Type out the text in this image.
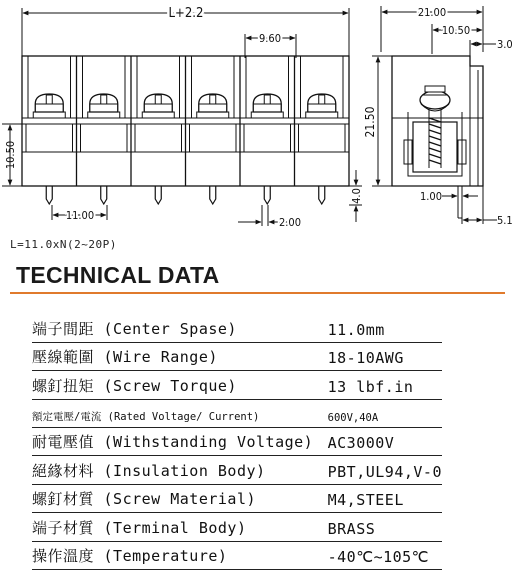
9.60
L+2.2
10.50
11.00
2.00
4.0
21.00
10.50
3.0
21.50
1.00
5.1
L=11.0xN(2~20P)
TECHNICAL DATA
端子間距 (Center Spase)	11.0mm
壓線範圍 (Wire Range)	18-10AWG
螺釘扭矩 (Screw Torque)	13 lbf.in
額定電壓/電流 (Rated Voltage/ Current)	600V,40A
耐電壓值 (Withstanding Voltage)	AC3000V
絕緣材料 (Insulation Body)	PBT,UL94,V-0
螺釘材質 (Screw Material)	M4,STEEL
端子材質 (Terminal Body)	BRASS
操作溫度 (Temperature)	-40℃~105℃
